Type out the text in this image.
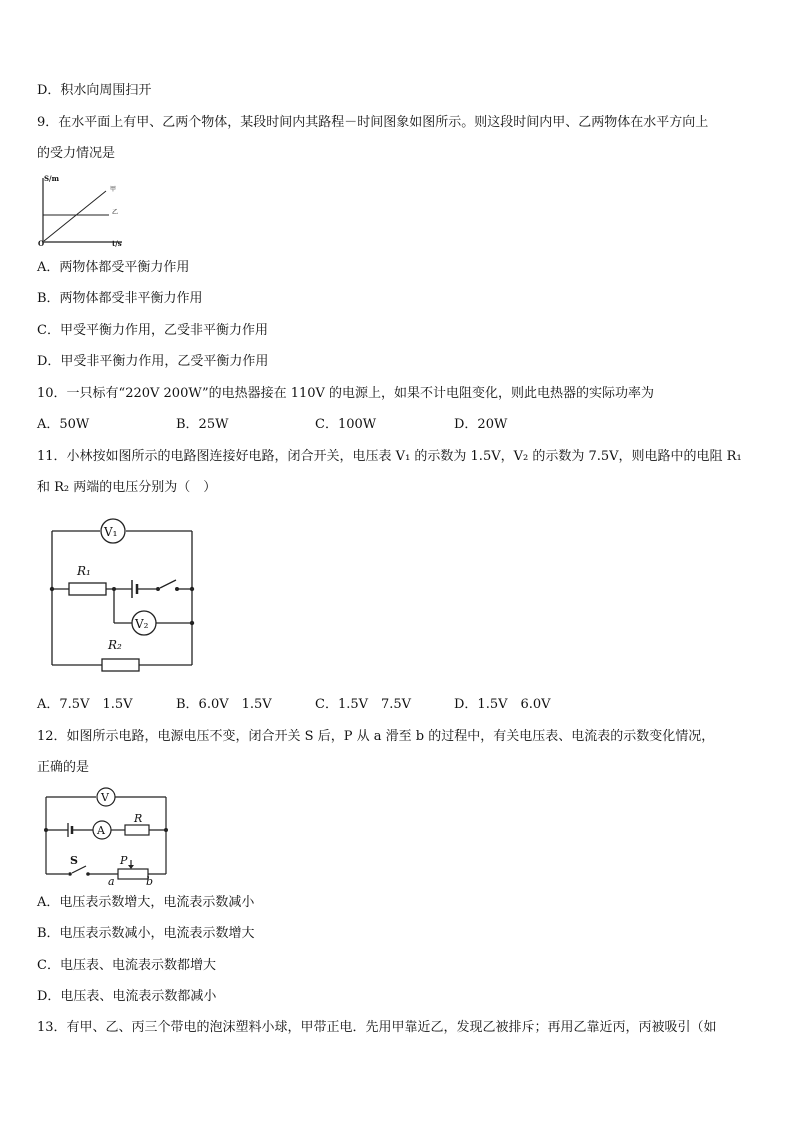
D．积水向周围扫开
9．在水平面上有甲、乙两个物体，某段时间内其路程－时间图象如图所示。则这段时间内甲、乙两物体在水平方向上
的受力情况是
S/m
O	t/s
甲
乙
A．两物体都受平衡力作用
B．两物体都受非平衡力作用
C．甲受平衡力作用，乙受非平衡力作用
D．甲受非平衡力作用，乙受平衡力作用
10．一只标有“220V 200W”的电热器接在 110V 的电源上，如果不计电阻变化，则此电热器的实际功率为
A．50W	B．25W	C．100W	D．20W
11．小林按如图所示的电路图连接好电路，闭合开关，电压表 V₁ 的示数为 1.5V，V₂ 的示数为 7.5V，则电路中的电阻 R₁
和 R₂ 两端的电压分别为（　）
V₁
R₁
V₂
R₂
A．7.5V　1.5V	B．6.0V　1.5V	C．1.5V　7.5V	D．1.5V　6.0V
12．如图所示电路，电源电压不变，闭合开关 S 后，P 从 a 滑至 b 的过程中，有关电压表、电流表的示数变化情况，
正确的是
V
A
R
S	P
a	b
A．电压表示数增大，电流表示数减小
B．电压表示数减小，电流表示数增大
C．电压表、电流表示数都增大
D．电压表、电流表示数都减小
13．有甲、乙、丙三个带电的泡沫塑料小球，甲带正电．先用甲靠近乙，发现乙被排斥；再用乙靠近丙，丙被吸引（如
